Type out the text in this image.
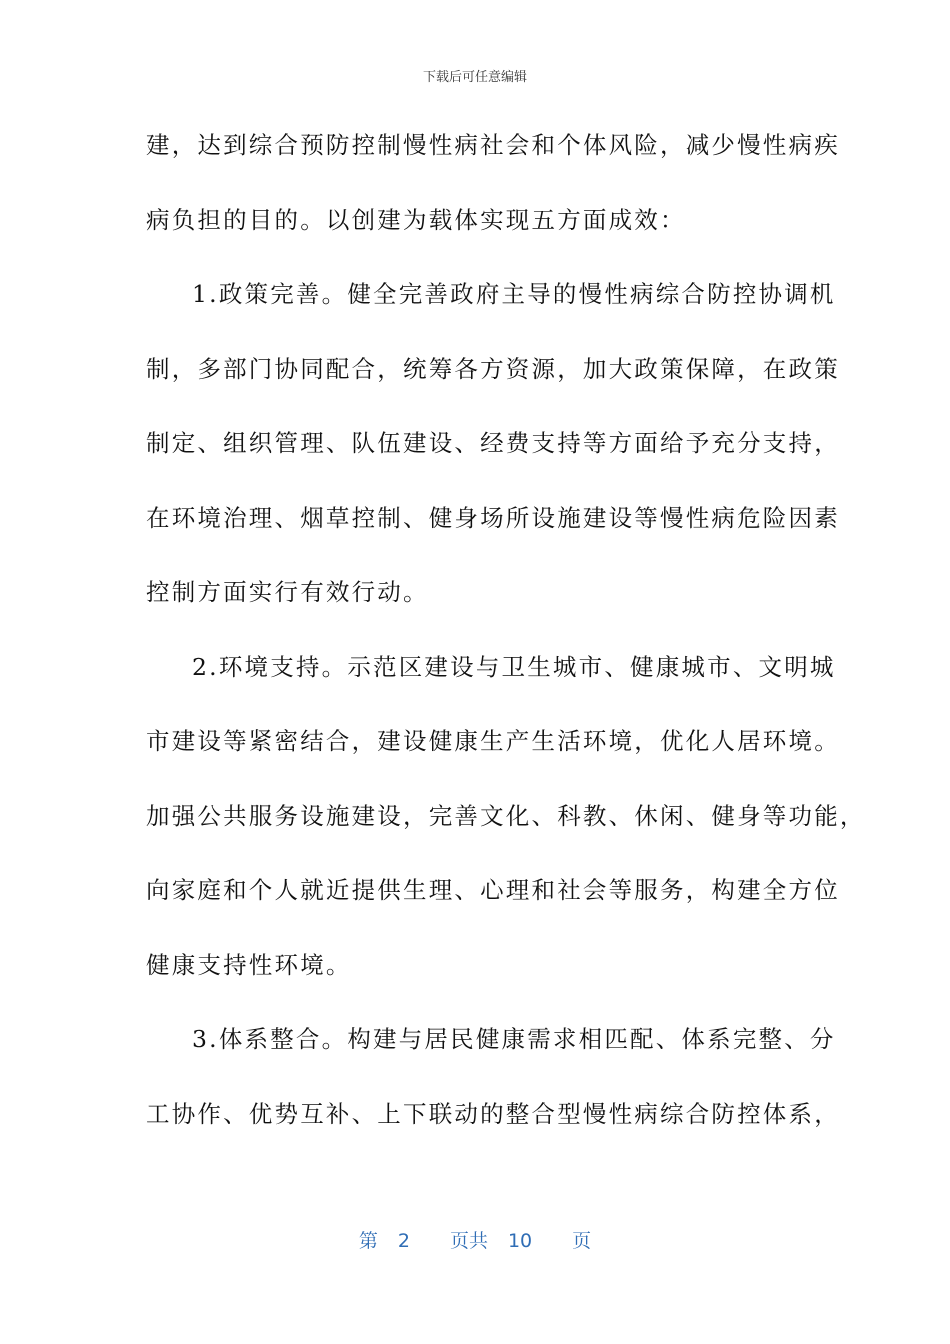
下载后可任意编辑
建，达到综合预防控制慢性病社会和个体风险，减少慢性病疾
病负担的目的。以创建为载体实现五方面成效：
1.政策完善。健全完善政府主导的慢性病综合防控协调机
制，多部门协同配合，统筹各方资源，加大政策保障，在政策
制定、组织管理、队伍建设、经费支持等方面给予充分支持，
在环境治理、烟草控制、健身场所设施建设等慢性病危险因素
控制方面实行有效行动。
2.环境支持。示范区建设与卫生城市、健康城市、文明城
市建设等紧密结合，建设健康生产生活环境，优化人居环境。
加强公共服务设施建设，完善文化、科教、休闲、健身等功能，
向家庭和个人就近提供生理、心理和社会等服务，构建全方位
健康支持性环境。
3.体系整合。构建与居民健康需求相匹配、体系完整、分
工协作、优势互补、上下联动的整合型慢性病综合防控体系，
第 2 页共 10 页
